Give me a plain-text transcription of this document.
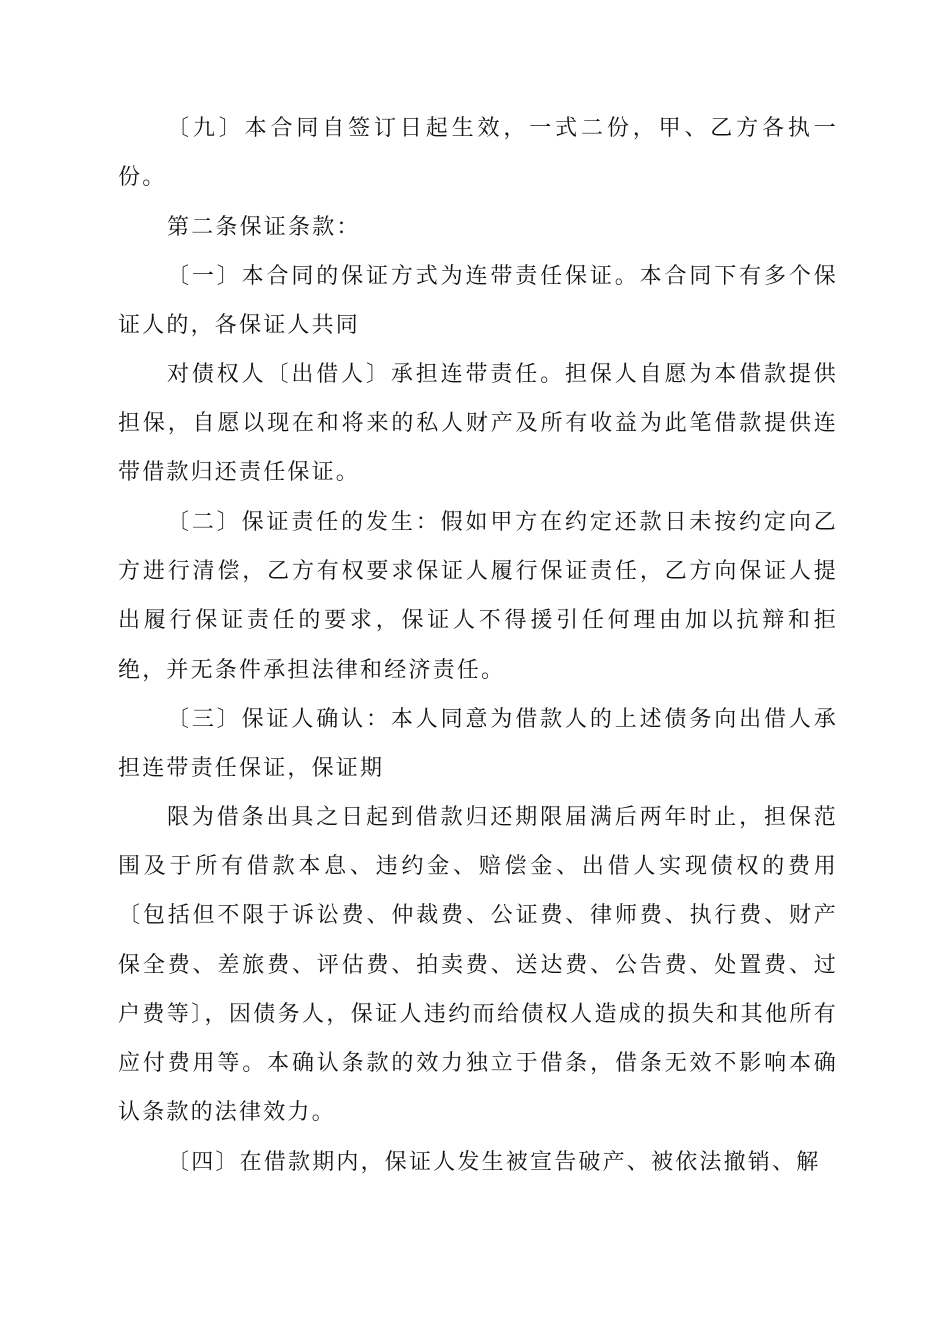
〔九〕本合同自签订日起生效，一式二份，甲、乙方各执一份。

第二条保证条款：

〔一〕本合同的保证方式为连带责任保证。本合同下有多个保证人的，各保证人共同

对债权人〔出借人〕承担连带责任。担保人自愿为本借款提供担保，自愿以现在和将来的私人财产及所有收益为此笔借款提供连带借款归还责任保证。

〔二〕保证责任的发生：假如甲方在约定还款日未按约定向乙方进行清偿，乙方有权要求保证人履行保证责任，乙方向保证人提出履行保证责任的要求，保证人不得援引任何理由加以抗辩和拒绝，并无条件承担法律和经济责任。

〔三〕保证人确认：本人同意为借款人的上述债务向出借人承担连带责任保证，保证期

限为借条出具之日起到借款归还期限届满后两年时止，担保范围及于所有借款本息、违约金、赔偿金、出借人实现债权的费用〔包括但不限于诉讼费、仲裁费、公证费、律师费、执行费、财产保全费、差旅费、评估费、拍卖费、送达费、公告费、处置费、过户费等〕，因债务人，保证人违约而给债权人造成的损失和其他所有应付费用等。本确认条款的效力独立于借条，借条无效不影响本确认条款的法律效力。

〔四〕在借款期内，保证人发生被宣告破产、被依法撤销、解
